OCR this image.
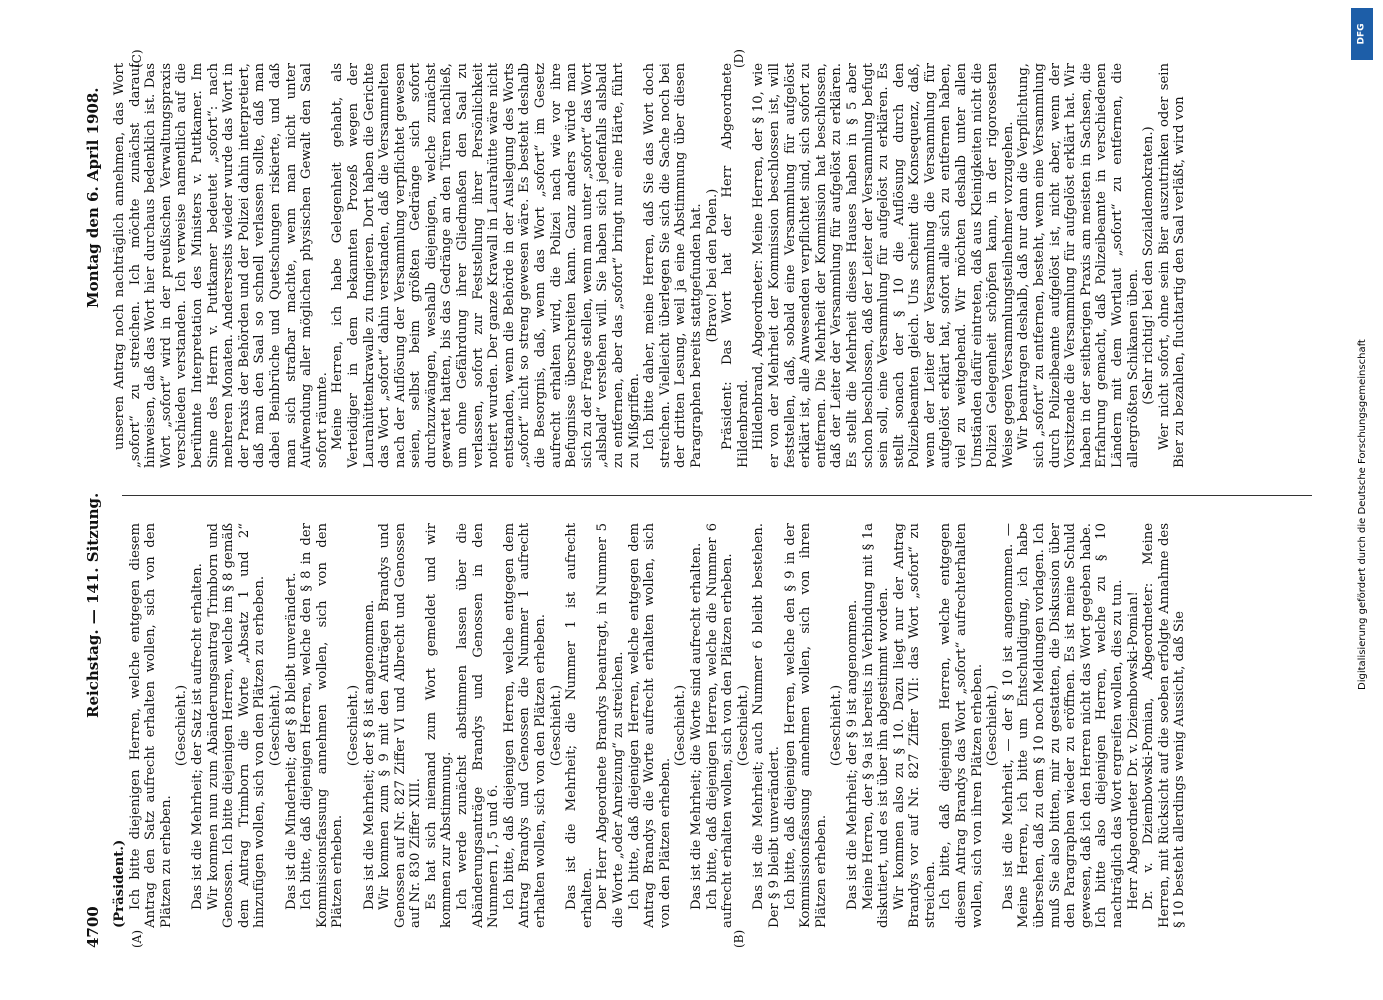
4700
Reichstag. — 141. Sitzung.
Montag den 6. April 1908.

(Präsident.) Ich bitte diejenigen Herren, welche entgegen diesem Antrag den Satz aufrecht erhalten wollen, sich von den Plätzen zu erheben.

(Geschieht.) Das ist die Mehrheit; der Satz ist aufrecht erhalten. Wir kommen nun zum Abänderungsantrag Trimborn und Genossen. Ich bitte diejenigen Herren, welche im § 8 gemäß dem Antrag Trimborn die Worte „Absatz 1 und 2“ hinzufügen wollen, sich von den Plätzen zu erheben. (Geschieht.) Das ist die Minderheit; der § 8 bleibt unverändert. Ich bitte, daß diejenigen Herren, welche den § 8 in der Kommissionsfassung annehmen wollen, sich von den Plätzen erheben.

(Geschieht.) Das ist die Mehrheit; der § 8 ist angenommen. Wir kommen zum § 9 mit den Anträgen Brandys und Genossen auf Nr. 827 Ziffer VI und Albrecht und Genossen auf Nr. 830 Ziffer XIII. Es hat sich niemand zum Wort gemeldet und wir kommen zur Abstimmung. Ich werde zunächst abstimmen lassen über die Abänderungsanträge Brandys und Genossen in den Nummern 1, 5 und 6. Ich bitte, daß diejenigen Herren, welche entgegen dem Antrag Brandys und Genossen die Nummer 1 aufrecht erhalten wollen, sich von den Plätzen erheben. (Geschieht.) Das ist die Mehrheit; die Nummer 1 ist aufrecht erhalten. Der Herr Abgeordnete Brandys beantragt, in Nummer 5 die Worte „oder Anreizung“ zu streichen. Ich bitte, daß diejenigen Herren, welche entgegen dem Antrag Brandys die Worte aufrecht erhalten wollen, sich von den Plätzen erheben.

(Geschieht.) Das ist die Mehrheit; die Worte sind aufrecht erhalten. Ich bitte, daß diejenigen Herren, welche die Nummer 6 aufrecht erhalten wollen, sich von den Plätzen erheben. (Geschieht.) Das ist die Mehrheit; auch Nummer 6 bleibt bestehen. Der § 9 bleibt unverändert. Ich bitte, daß diejenigen Herren, welche den § 9 in der Kommissionsfassung annehmen wollen, sich von ihren Plätzen erheben.

(Geschieht.) Das ist die Mehrheit; der § 9 ist angenommen. Meine Herren, der § 9a ist bereits in Verbindung mit § 1a diskutiert, und es ist über ihn abgestimmt worden. Wir kommen also zu § 10. Dazu liegt nur der Antrag Brandys vor auf Nr. 827 Ziffer VII: das Wort „sofort“ zu streichen. Ich bitte, daß diejenigen Herren, welche entgegen diesem Antrag Brandys das Wort „sofort“ aufrechterhalten wollen, sich von ihren Plätzen erheben. (Geschieht.) Das ist die Mehrheit, — der § 10 ist angenommen. — Meine Herren, ich bitte um Entschuldigung, ich habe übersehen, daß zu dem § 10 noch Meldungen vorlagen. Ich muß Sie also bitten, mir zu gestatten, die Diskussion über den Paragraphen wieder zu eröffnen. Es ist meine Schuld gewesen, daß ich den Herren nicht das Wort gegeben habe. Ich bitte also diejenigen Herren, welche zu § 10 nachträglich das Wort ergreifen wollen, dies zu tun. Herr Abgeordneter Dr. v. Dziembowski-Pomian! Dr. v. Dziembowski-Pomian, Abgeordneter: Meine Herren, mit Rücksicht auf die soeben erfolgte Annahme des § 10 besteht allerdings wenig Aussicht, daß Sie

unseren Antrag noch nachträglich annehmen, das Wort „sofort“ zu streichen. Ich möchte zunächst darauf hinweisen, daß das Wort hier durchaus bedenklich ist. Das Wort „sofort“ wird in der preußischen Verwaltungspraxis verschieden verstanden. Ich verweise namentlich auf die berühmte Interpretation des Ministers v. Puttkamer. Im Sinne des Herrn v. Puttkamer bedeutet „sofort“: nach mehreren Monaten. Andererseits wieder wurde das Wort in der Praxis der Behörden und der Polizei dahin interpretiert, daß man den Saal so schnell verlassen sollte, daß man dabei Beinbrüche und Quetschungen riskierte, und daß man sich strafbar machte, wenn man nicht unter Aufwendung aller möglichen physischen Gewalt den Saal sofort räumte. Meine Herren, ich habe Gelegenheit gehabt, als Verteidiger in dem bekannten Prozeß wegen der Laurahüttenkrawalle zu fungieren. Dort haben die Gerichte das Wort „sofort“ dahin verstanden, daß die Versammelten nach der Auflösung der Versammlung verpflichtet gewesen seien, selbst beim größten Gedränge sich sofort durchzuzwängen, weshalb diejenigen, welche zunächst gewartet hatten, bis das Gedränge an den Türen nachließ, um ohne Gefährdung ihrer Gliedmaßen den Saal zu verlassen, sofort zur Feststellung ihrer Persönlichkeit notiert wurden. Der ganze Krawall in Laurahütte wäre nicht entstanden, wenn die Behörde in der Auslegung des Worts „sofort“ nicht so streng gewesen wäre. Es besteht deshalb die Besorgnis, daß, wenn das Wort „sofort“ im Gesetz aufrecht erhalten wird, die Polizei nach wie vor ihre Befugnisse überschreiten kann. Ganz anders würde man sich zu der Frage stellen, wenn man unter „sofort“ das Wort „alsbald“ verstehen will. Sie haben sich jedenfalls alsbald zu entfernen, aber das „sofort“ bringt nur eine Härte, führt zu Mißgriffen. Ich bitte daher, meine Herren, daß Sie das Wort doch streichen. Vielleicht überlegen Sie sich die Sache noch bei der dritten Lesung, weil ja eine Abstimmung über diesen Paragraphen bereits stattgefunden hat. (Bravo! bei den Polen.) Präsident: Das Wort hat der Herr Abgeordnete Hildenbrand. Hildenbrand, Abgeordneter: Meine Herren, der § 10, wie er von der Mehrheit der Kommission beschlossen ist, will feststellen, daß, sobald eine Versammlung für aufgelöst erklärt ist, alle Anwesenden verpflichtet sind, sich sofort zu entfernen. Die Mehrheit der Kommission hat beschlossen, daß der Leiter der Versammlung für aufgelöst zu erklären. Es stellt die Mehrheit dieses Hauses haben in § 5 aber schon beschlossen, daß der Leiter der Versammlung befugt sein soll, eine Versammlung für aufgelöst zu erklären. Es stellt sonach der § 10 die Auflösung durch den Polizeibeamten gleich. Uns scheint die Konsequenz, daß, wenn der Leiter der Versammlung die Versammlung für aufgelöst erklärt hat, sofort alle sich zu entfernen haben, viel zu weitgehend. Wir möchten deshalb unter allen Umständen dafür eintreten, daß aus Kleinigkeiten nicht die Polizei Gelegenheit schöpfen kann, in der rigorosesten Weise gegen Versammlungsteilnehmer vorzugehen. Wir beantragen deshalb, daß nur dann die Verpflichtung, sich „sofort“ zu entfernen, besteht, wenn eine Versammlung durch Polizeibeamte aufgelöst ist, nicht aber, wenn der Vorsitzende die Versammlung für aufgelöst erklärt hat. Wir haben in der seitherigen Praxis am meisten in Sachsen, die Erfahrung gemacht, daß Polizeibeamte in verschiedenen Ländern mit dem Wortlaut „sofort“ zu entfernen, die allergrößten Schikanen üben. (Sehr richtig! bei den Sozialdemokraten.) Wer nicht sofort, ohne sein Bier auszutrinken oder sein Bier zu bezahlen, fluchtartig den Saal verläßt, wird von

(A)	(B)
(C)	(D)
DFG
Digitalisierung gefördert durch die Deutsche Forschungsgemeinschaft
